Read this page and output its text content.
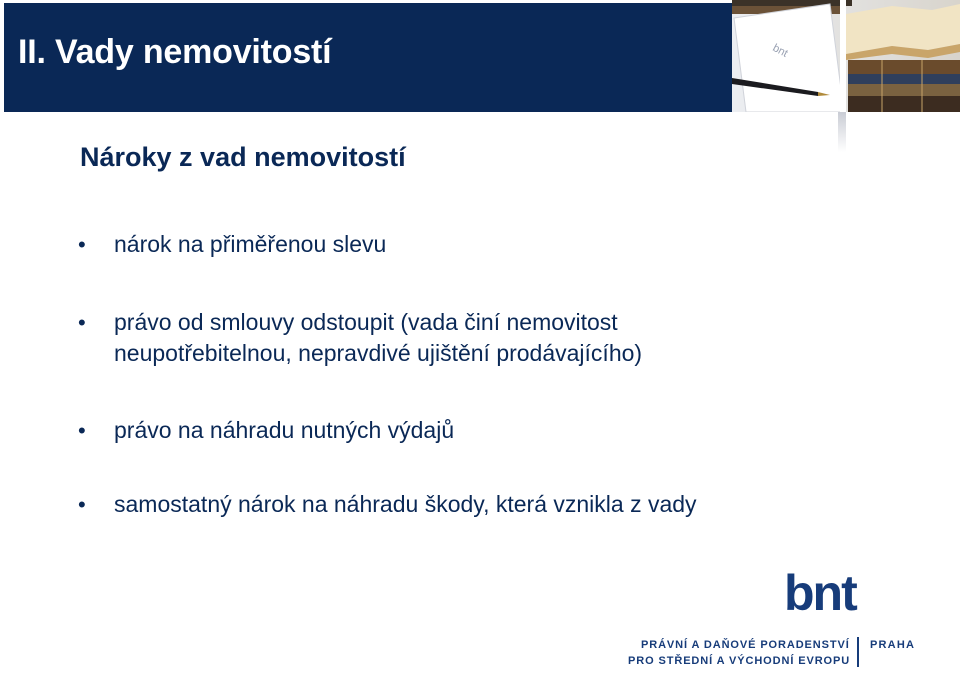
II. Vady nemovitostí	bnt
Nároky z vad nemovitostí
• nárok na přiměřenou slevu
• právo od smlouvy odstoupit (vada činí nemovitost neupotřebitelnou, nepravdivé ujištění prodávajícího)
• právo na náhradu nutných výdajů
• samostatný nárok na náhradu škody, která vznikla z vady
bnt
PRÁVNÍ A DAŇOVÉ PORADENSTVÍ
PRO STŘEDNÍ A VÝCHODNÍ EVROPU
PRAHA
